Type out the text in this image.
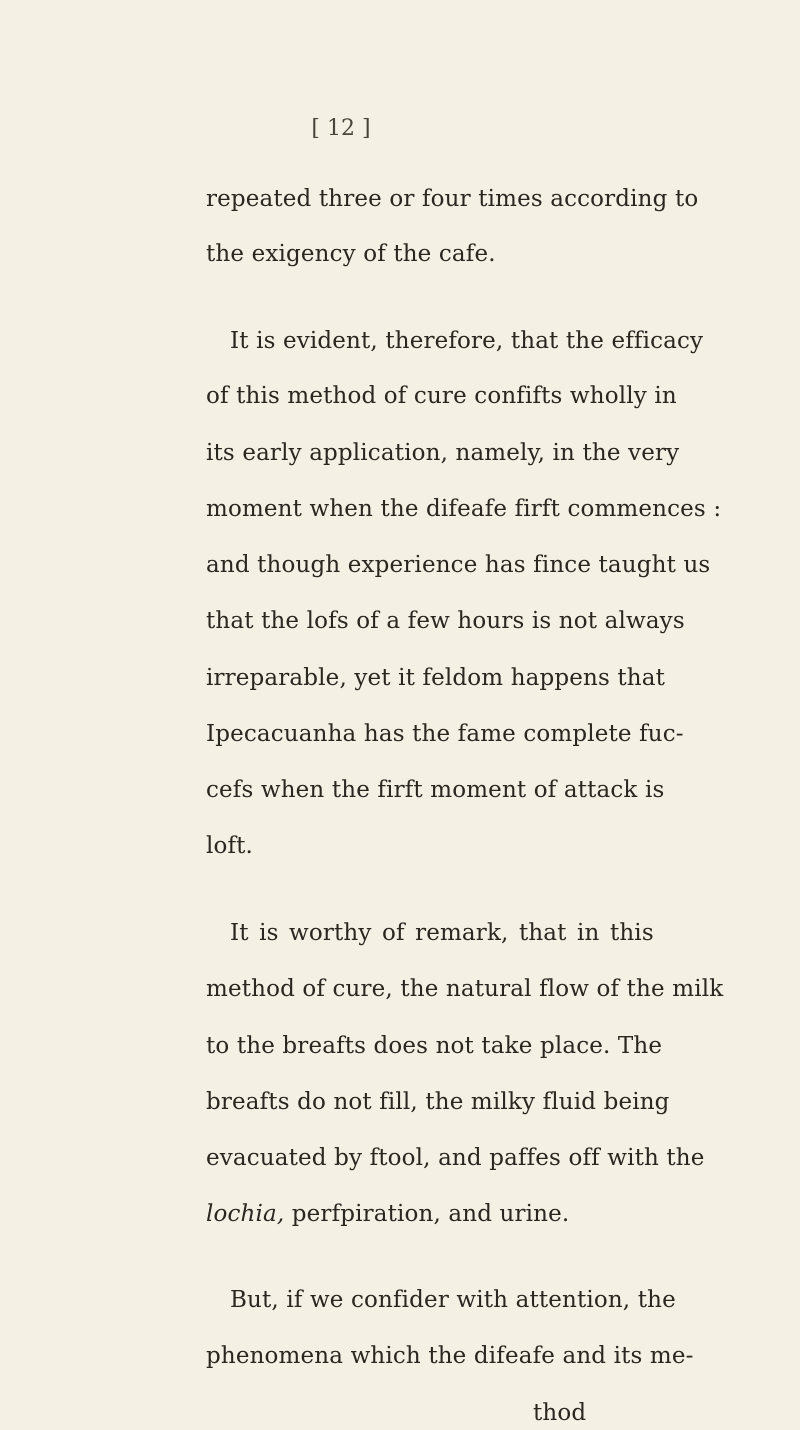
[ 12 ]
repeated three or four times according to
the exigency of the cafe.
It is evident, therefore, that the efficacy
of this method of cure confifts wholly in
its early application, namely, in the very
moment when the difeafe firft commences :
and though experience has fince taught us
that the lofs of a few hours is not always
irreparable, yet it feldom happens that
Ipecacuanha has the fame complete fuc-
cefs when the firft moment of attack is
loft.
It is worthy of remark, that in this
method of cure, the natural flow of the milk
to the breafts does not take place. The
breafts do not fill, the milky fluid being
evacuated by ftool, and paffes off with the
lochia, perfpiration, and urine.
But, if we confider with attention, the
phenomena which the difeafe and its me-
thod
